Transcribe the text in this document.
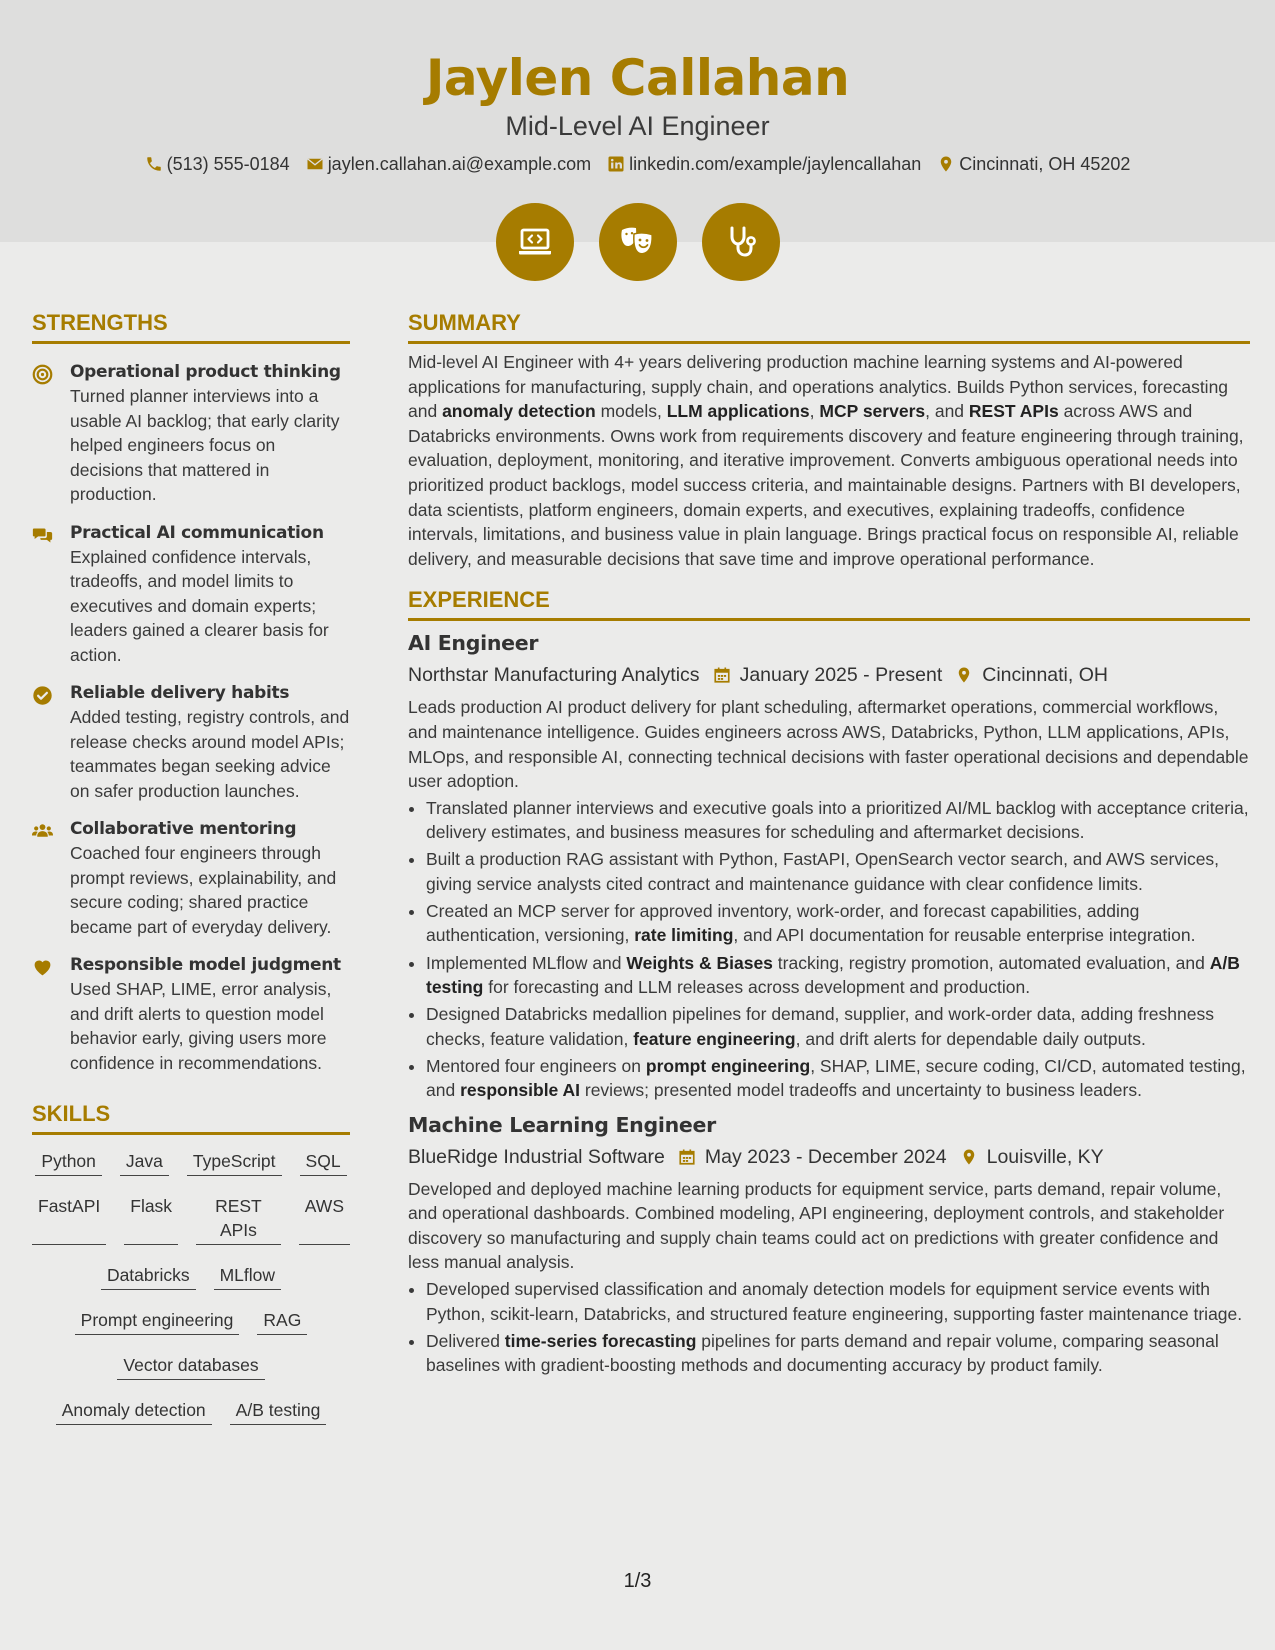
Jaylen Callahan
Mid-Level AI Engineer
(513) 555-0184 jaylen.callahan.ai@example.com linkedin.com/example/jaylencallahan Cincinnati, OH 45202
STRENGTHS
Operational product thinking
Turned planner interviews into a usable AI backlog; that early clarity helped engineers focus on decisions that mattered in production.
Practical AI communication
Explained confidence intervals, tradeoffs, and model limits to executives and domain experts; leaders gained a clearer basis for action.
Reliable delivery habits
Added testing, registry controls, and release checks around model APIs; teammates began seeking advice on safer production launches.
Collaborative mentoring
Coached four engineers through prompt reviews, explainability, and secure coding; shared practice became part of everyday delivery.
Responsible model judgment
Used SHAP, LIME, error analysis, and drift alerts to question model behavior early, giving users more confidence in recommendations.
SKILLS
Python	Java	TypeScript	SQL
FastAPI	Flask	REST APIs
AWS
Databricks	MLflow
Prompt engineering	RAG
Vector databases
Anomaly detection	A/B testing
SUMMARY

Mid-level AI Engineer with 4+ years delivering production machine learning systems and AI-powered applications for manufacturing, supply chain, and operations analytics. Builds Python services, forecasting and anomaly detection models, LLM applications, MCP servers, and REST APIs across AWS and Databricks environments. Owns work from requirements discovery and feature engineering through training, evaluation, deployment, monitoring, and iterative improvement. Converts ambiguous operational needs into prioritized product backlogs, model success criteria, and maintainable designs. Partners with BI developers, data scientists, platform engineers, domain experts, and executives, explaining tradeoffs, confidence intervals, limitations, and business value in plain language. Brings practical focus on responsible AI, reliable delivery, and measurable decisions that save time and improve operational performance.

EXPERIENCE
AI Engineer
Northstar Manufacturing Analytics January 2025 - Present Cincinnati, OH

Leads production AI product delivery for plant scheduling, aftermarket operations, commercial workflows, and maintenance intelligence. Guides engineers across AWS, Databricks, Python, LLM applications, APIs, MLOps, and responsible AI, connecting technical decisions with faster operational decisions and dependable user adoption.

• Translated planner interviews and executive goals into a prioritized AI/ML backlog with acceptance criteria, delivery estimates, and business measures for scheduling and aftermarket decisions.
• Built a production RAG assistant with Python, FastAPI, OpenSearch vector search, and AWS services, giving service analysts cited contract and maintenance guidance with clear confidence limits.
• Created an MCP server for approved inventory, work-order, and forecast capabilities, adding authentication, versioning, rate limiting, and API documentation for reusable enterprise integration.
• Implemented MLflow and Weights & Biases tracking, registry promotion, automated evaluation, and A/B testing for forecasting and LLM releases across development and production.
• Designed Databricks medallion pipelines for demand, supplier, and work-order data, adding freshness checks, feature validation, feature engineering, and drift alerts for dependable daily outputs.
• Mentored four engineers on prompt engineering, SHAP, LIME, secure coding, CI/CD, automated testing, and responsible AI reviews; presented model tradeoffs and uncertainty to business leaders.
Machine Learning Engineer
BlueRidge Industrial Software May 2023 - December 2024 Louisville, KY

Developed and deployed machine learning products for equipment service, parts demand, repair volume, and operational dashboards. Combined modeling, API engineering, deployment controls, and stakeholder discovery so manufacturing and supply chain teams could act on predictions with greater confidence and less manual analysis.

• Developed supervised classification and anomaly detection models for equipment service events with Python, scikit-learn, Databricks, and structured feature engineering, supporting faster maintenance triage.
• Delivered time-series forecasting pipelines for parts demand and repair volume, comparing seasonal baselines with gradient-boosting methods and documenting accuracy by product family.
1/3
